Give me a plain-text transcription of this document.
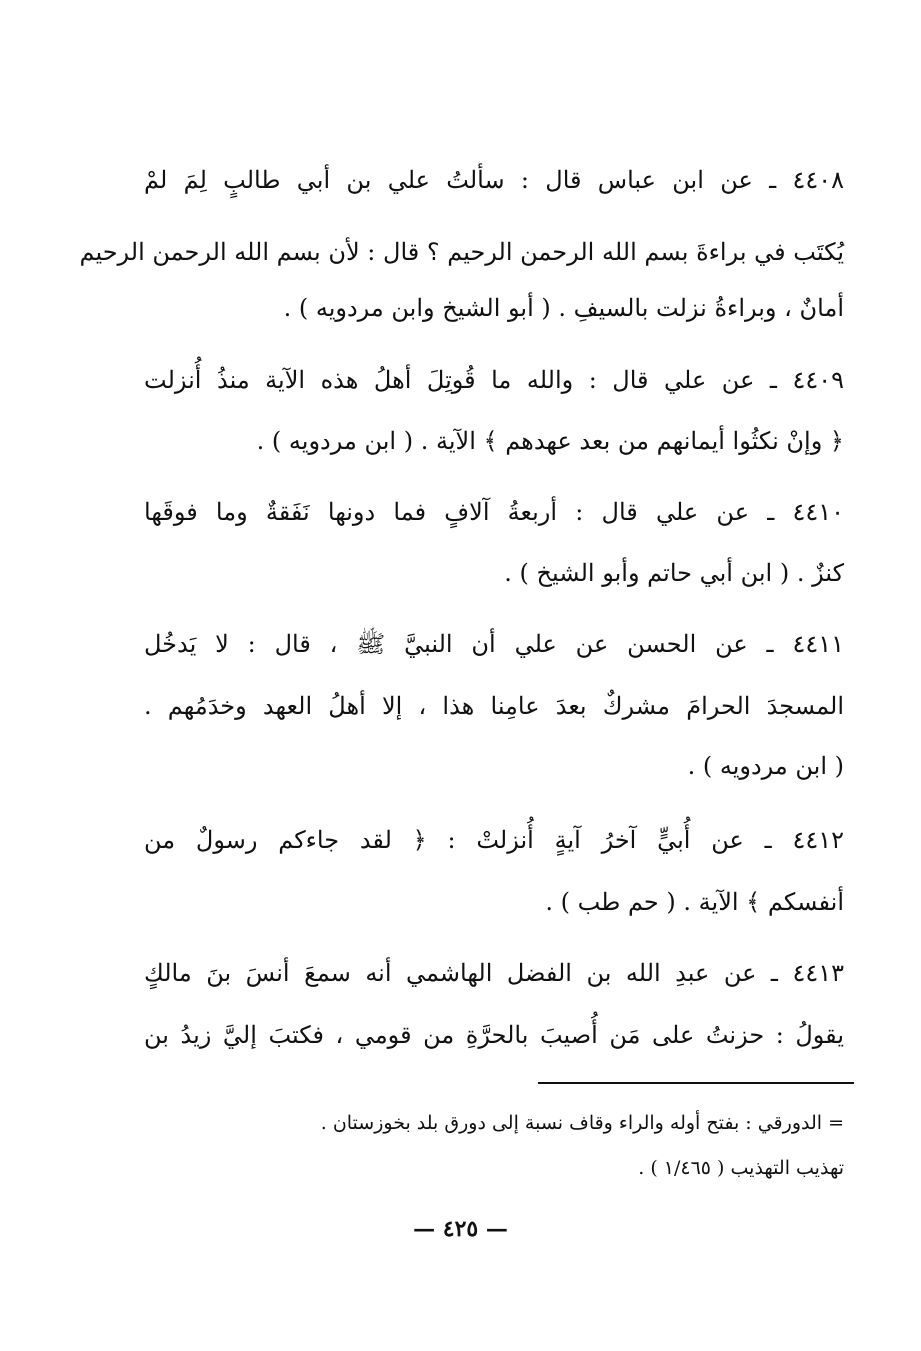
٤٤٠٨ ـ عن ابن عباس قال : سألتُ علي بن أبي طالبٍ لِمَ لمْ
يُكتَب في براءةَ بسم الله الرحمن الرحيم ؟ قال : لأن بسم الله الرحمن الرحيم
أمانٌ ، وبراءةُ نزلت بالسيفِ . ( أبو الشيخ وابن مردويه ) .
٤٤٠٩ ـ عن علي قال : والله ما قُوتِلَ أهلُ هذه الآية منذُ أُنزلت
﴿ وإنْ نكثُوا أيمانهم من بعد عهدهم ﴾ الآية . ( ابن مردويه ) .
٤٤١٠ ـ عن علي قال : أربعةُ آلافٍ فما دونها نَفَقةٌ وما فوقَها
كنزٌ . ( ابن أبي حاتم وأبو الشيخ ) .
٤٤١١ ـ عن الحسن عن علي أن النبيَّ ﷺ ، قال : لا يَدخُل
المسجدَ الحرامَ مشركٌ بعدَ عامِنا هذا ، إلا أهلُ العهد وخدَمُهم .
( ابن مردويه ) .
٤٤١٢ ـ عن أُبيٍّ آخرُ آيةٍ أُنزلتْ : ﴿ لقد جاءكم رسولٌ من
أنفسكم ﴾ الآية . ( حم طب ) .
٤٤١٣ ـ عن عبدِ الله بن الفضل الهاشمي أنه سمعَ أنسَ بنَ مالكٍ
يقولُ : حزنتُ على مَن أُصيبَ بالحرَّةِ من قومي ، فكتبَ إليَّ زيدُ بن
= الدورقي : بفتح أوله والراء وقاف نسبة إلى دورق بلد بخوزستان .
تهذيب التهذيب ( ١/٤٦٥ ) .
— ٤٢٥ —
